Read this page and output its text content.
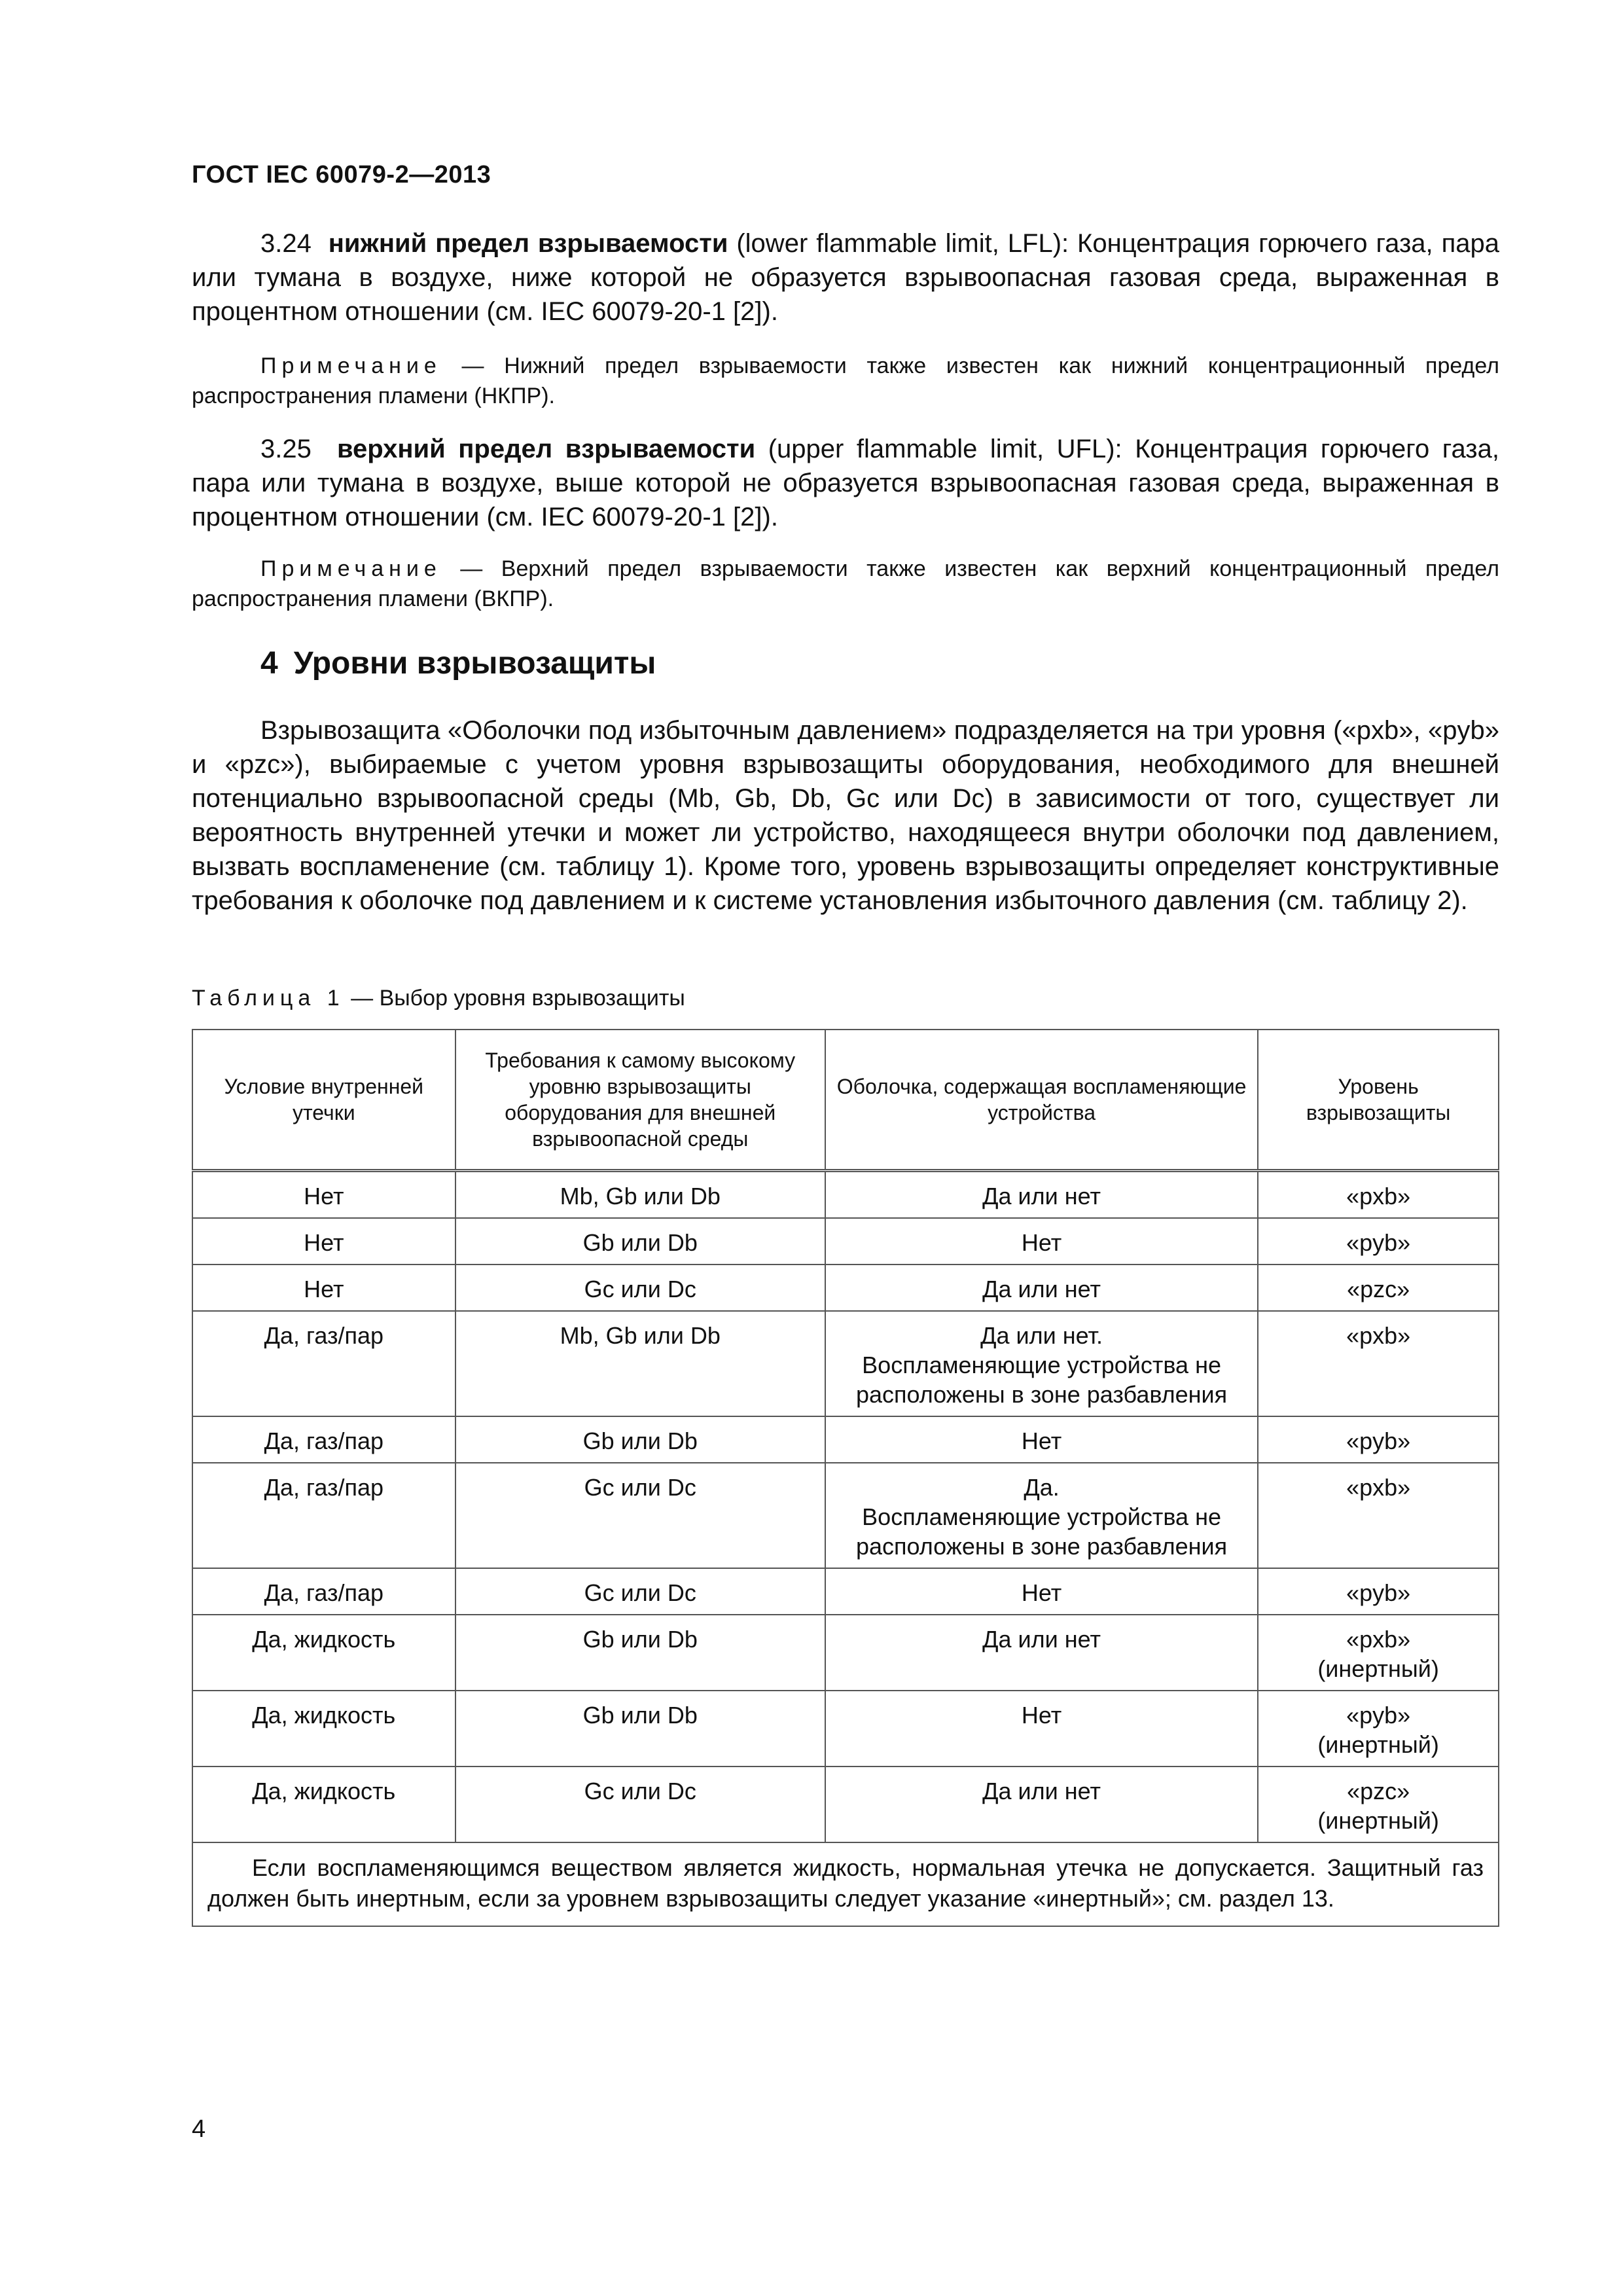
ГОСТ IEC 60079-2—2013
3.24 нижний предел взрываемости (lower flammable limit, LFL): Концентрация горючего газа, пара или тумана в воздухе, ниже которой не образуется взрывоопасная газовая среда, выраженная в процентном отношении (см. IEC 60079-20-1 [2]).
Примечание — Нижний предел взрываемости также известен как нижний концентрационный предел распространения пламени (НКПР).
3.25 верхний предел взрываемости (upper flammable limit, UFL): Концентрация горючего газа, пара или тумана в воздухе, выше которой не образуется взрывоопасная газовая среда, выраженная в процентном отношении (см. IEC 60079-20-1 [2]).
Примечание — Верхний предел взрываемости также известен как верхний концентрационный предел распространения пламени (ВКПР).
4 Уровни взрывозащиты
Взрывозащита «Оболочки под избыточным давлением» подразделяется на три уровня («pxb», «pyb» и «pzc»), выбираемые с учетом уровня взрывозащиты оборудования, необходимого для внешней потенциально взрывоопасной среды (Mb, Gb, Db, Gc или Dc) в зависимости от того, существует ли вероятность внутренней утечки и может ли устройство, находящееся внутри оболочки под давлением, вызвать воспламенение (см. таблицу 1). Кроме того, уровень взрывозащиты определяет конструктивные требования к оболочке под давлением и к системе установления избыточного давления (см. таблицу 2).
Таблица 1 — Выбор уровня взрывозащиты
Условие внутренней утечки	Требования к самому высокому уровню взрывозащиты оборудования для внешней взрывоопасной среды	Оболочка, содержащая воспламеняющие устройства	Уровень взрывозащиты
Нет	Mb, Gb или Db	Да или нет	«pxb»

Нет	Gb или Db	Нет	«pyb»

Нет	Gc или Dc	Да или нет	«pzc»

Да, газ/пар	Mb, Gb или Db	Да или нет.
Воспламеняющие устройства не
расположены в зоне разбавления	«pxb»

Да, газ/пар	Gb или Db	Нет	«pyb»

Да, газ/пар	Gc или Dc	Да.
Воспламеняющие устройства не
расположены в зоне разбавления	«pxb»

Да, газ/пар	Gc или Dc	Нет	«pyb»

Да, жидкость	Gb или Db	Да или нет	«pxb»
(инертный)

Да, жидкость	Gb или Db	Нет	«pyb»
(инертный)

Да, жидкость	Gc или Dc	Да или нет	«pzc»
(инертный)

Если воспламеняющимся веществом является жидкость, нормальная утечка не допускается. Защитный газ должен быть инертным, если за уровнем взрывозащиты следует указание «инертный»; см. раздел 13.			
4
